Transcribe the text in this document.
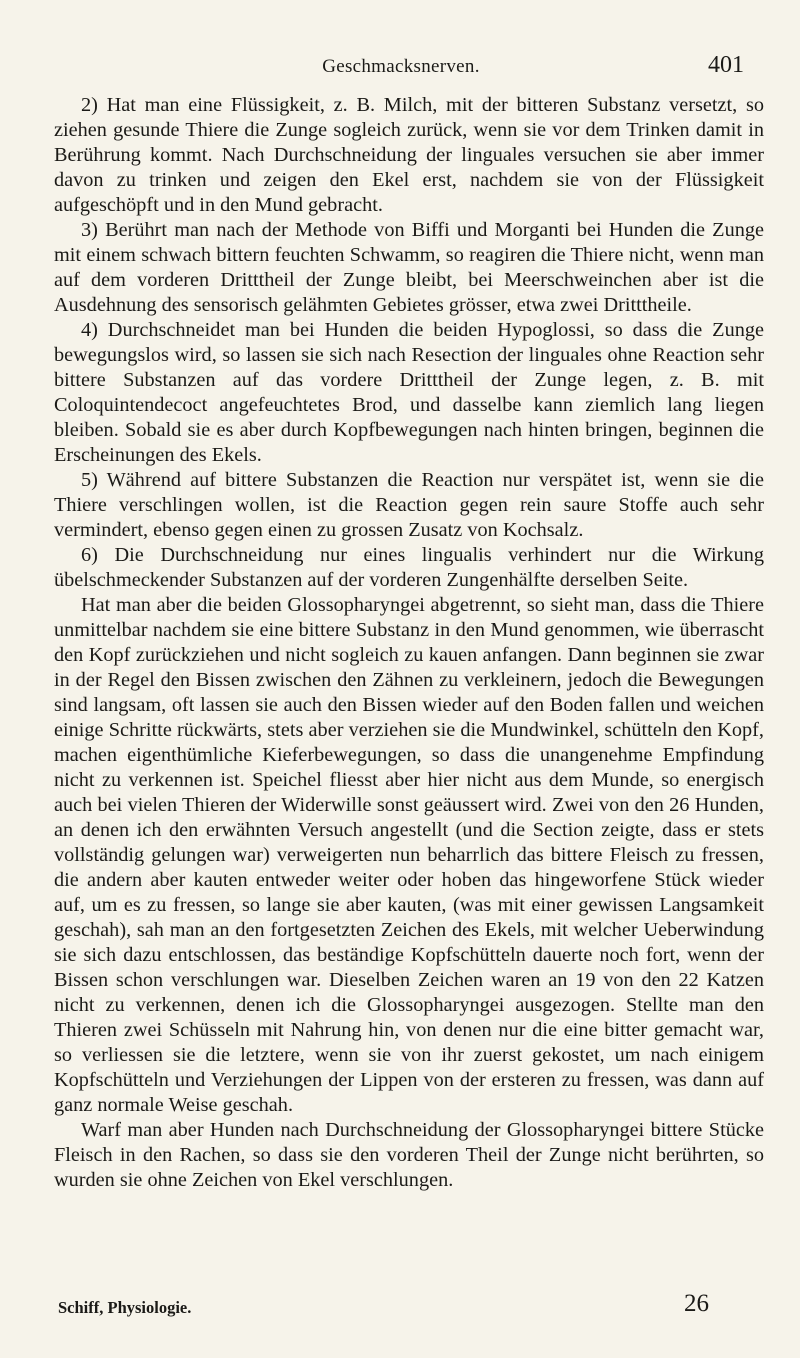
Geschmacksnerven.	401

2) Hat man eine Flüssigkeit, z. B. Milch, mit der bitteren Substanz versetzt, so ziehen gesunde Thiere die Zunge sogleich zurück, wenn sie vor dem Trinken damit in Berührung kommt. Nach Durchschneidung der linguales versuchen sie aber immer davon zu trinken und zeigen den Ekel erst, nachdem sie von der Flüssigkeit aufgeschöpft und in den Mund gebracht.

3) Berührt man nach der Methode von Biffi und Morganti bei Hunden die Zunge mit einem schwach bittern feuchten Schwamm, so reagiren die Thiere nicht, wenn man auf dem vorderen Dritttheil der Zunge bleibt, bei Meerschweinchen aber ist die Ausdehnung des sensorisch gelähmten Gebietes grösser, etwa zwei Dritttheile.

4) Durchschneidet man bei Hunden die beiden Hypoglossi, so dass die Zunge bewegungslos wird, so lassen sie sich nach Resection der linguales ohne Reaction sehr bittere Substanzen auf das vordere Dritttheil der Zunge legen, z. B. mit Coloquintendecoct angefeuchtetes Brod, und dasselbe kann ziemlich lang liegen bleiben. Sobald sie es aber durch Kopfbewegungen nach hinten bringen, beginnen die Erscheinungen des Ekels.

5) Während auf bittere Substanzen die Reaction nur verspätet ist, wenn sie die Thiere verschlingen wollen, ist die Reaction gegen rein saure Stoffe auch sehr vermindert, ebenso gegen einen zu grossen Zusatz von Kochsalz.

6) Die Durchschneidung nur eines lingualis verhindert nur die Wirkung übelschmeckender Substanzen auf der vorderen Zungenhälfte derselben Seite.

Hat man aber die beiden Glossopharyngei abgetrennt, so sieht man, dass die Thiere unmittelbar nachdem sie eine bittere Substanz in den Mund genommen, wie überrascht den Kopf zurückziehen und nicht sogleich zu kauen anfangen. Dann beginnen sie zwar in der Regel den Bissen zwischen den Zähnen zu verkleinern, jedoch die Bewegungen sind langsam, oft lassen sie auch den Bissen wieder auf den Boden fallen und weichen einige Schritte rückwärts, stets aber verziehen sie die Mundwinkel, schütteln den Kopf, machen eigenthümliche Kieferbewegungen, so dass die unangenehme Empfindung nicht zu verkennen ist. Speichel fliesst aber hier nicht aus dem Munde, so energisch auch bei vielen Thieren der Widerwille sonst geäussert wird. Zwei von den 26 Hunden, an denen ich den erwähnten Versuch angestellt (und die Section zeigte, dass er stets vollständig gelungen war) verweigerten nun beharrlich das bittere Fleisch zu fressen, die andern aber kauten entweder weiter oder hoben das hingeworfene Stück wieder auf, um es zu fressen, so lange sie aber kauten, (was mit einer gewissen Langsamkeit geschah), sah man an den fortgesetzten Zeichen des Ekels, mit welcher Ueberwindung sie sich dazu entschlossen, das beständige Kopfschütteln dauerte noch fort, wenn der Bissen schon verschlungen war. Dieselben Zeichen waren an 19 von den 22 Katzen nicht zu verkennen, denen ich die Glossopharyngei ausgezogen. Stellte man den Thieren zwei Schüsseln mit Nahrung hin, von denen nur die eine bitter gemacht war, so verliessen sie die letztere, wenn sie von ihr zuerst gekostet, um nach einigem Kopfschütteln und Verziehungen der Lippen von der ersteren zu fressen, was dann auf ganz normale Weise geschah.

Warf man aber Hunden nach Durchschneidung der Glossopharyngei bittere Stücke Fleisch in den Rachen, so dass sie den vorderen Theil der Zunge nicht berührten, so wurden sie ohne Zeichen von Ekel verschlungen.

Schiff, Physiologie.	26
